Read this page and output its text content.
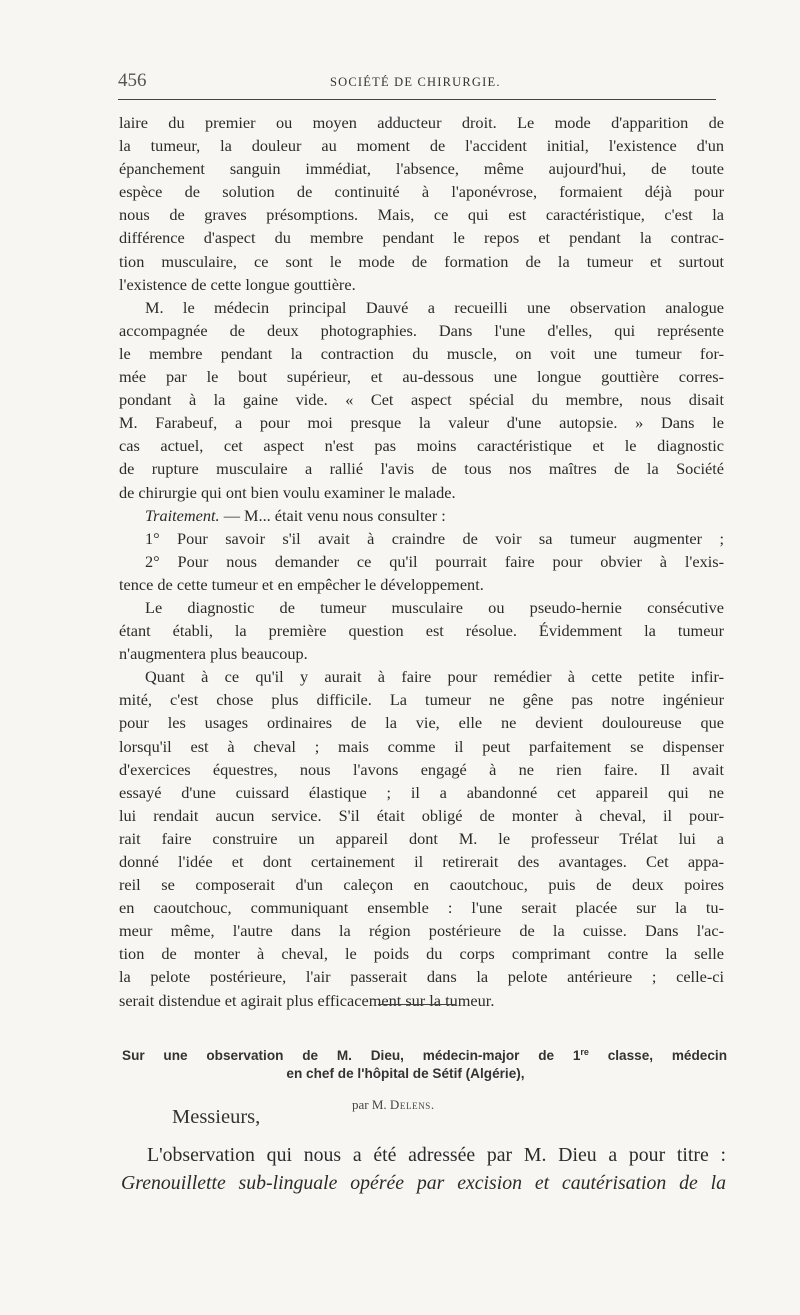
456	SOCIÉTÉ DE CHIRURGIE.
laire du premier ou moyen adducteur droit. Le mode d'apparition de
la tumeur, la douleur au moment de l'accident initial, l'existence d'un
épanchement sanguin immédiat, l'absence, même aujourd'hui, de toute
espèce de solution de continuité à l'aponévrose, formaient déjà pour
nous de graves présomptions. Mais, ce qui est caractéristique, c'est la
différence d'aspect du membre pendant le repos et pendant la contrac-
tion musculaire, ce sont le mode de formation de la tumeur et surtout
l'existence de cette longue gouttière.
M. le médecin principal Dauvé a recueilli une observation analogue
accompagnée de deux photographies. Dans l'une d'elles, qui représente
le membre pendant la contraction du muscle, on voit une tumeur for-
mée par le bout supérieur, et au-dessous une longue gouttière corres-
pondant à la gaine vide. « Cet aspect spécial du membre, nous disait
M. Farabeuf, a pour moi presque la valeur d'une autopsie. » Dans le
cas actuel, cet aspect n'est pas moins caractéristique et le diagnostic
de rupture musculaire a rallié l'avis de tous nos maîtres de la Société
de chirurgie qui ont bien voulu examiner le malade.
Traitement. — M... était venu nous consulter :
1° Pour savoir s'il avait à craindre de voir sa tumeur augmenter ;
2° Pour nous demander ce qu'il pourrait faire pour obvier à l'exis-
tence de cette tumeur et en empêcher le développement.
Le diagnostic de tumeur musculaire ou pseudo-hernie consécutive
étant établi, la première question est résolue. Évidemment la tumeur
n'augmentera plus beaucoup.
Quant à ce qu'il y aurait à faire pour remédier à cette petite infir-
mité, c'est chose plus difficile. La tumeur ne gêne pas notre ingénieur
pour les usages ordinaires de la vie, elle ne devient douloureuse que
lorsqu'il est à cheval ; mais comme il peut parfaitement se dispenser
d'exercices équestres, nous l'avons engagé à ne rien faire. Il avait
essayé d'une cuissard élastique ; il a abandonné cet appareil qui ne
lui rendait aucun service. S'il était obligé de monter à cheval, il pour-
rait faire construire un appareil dont M. le professeur Trélat lui a
donné l'idée et dont certainement il retirerait des avantages. Cet appa-
reil se composerait d'un caleçon en caoutchouc, puis de deux poires
en caoutchouc, communiquant ensemble : l'une serait placée sur la tu-
meur même, l'autre dans la région postérieure de la cuisse. Dans l'ac-
tion de monter à cheval, le poids du corps comprimant contre la selle
la pelote postérieure, l'air passerait dans la pelote antérieure ; celle-ci
serait distendue et agirait plus efficacement sur la tumeur.
Sur une observation de M. Dieu, médecin-major de 1re classe, médecin
en chef de l'hôpital de Sétif (Algérie),
par M. Delens.
Messieurs,
L'observation qui nous a été adressée par M. Dieu a pour titre :
Grenouillette sub-linguale opérée par excision et cautérisation de la
